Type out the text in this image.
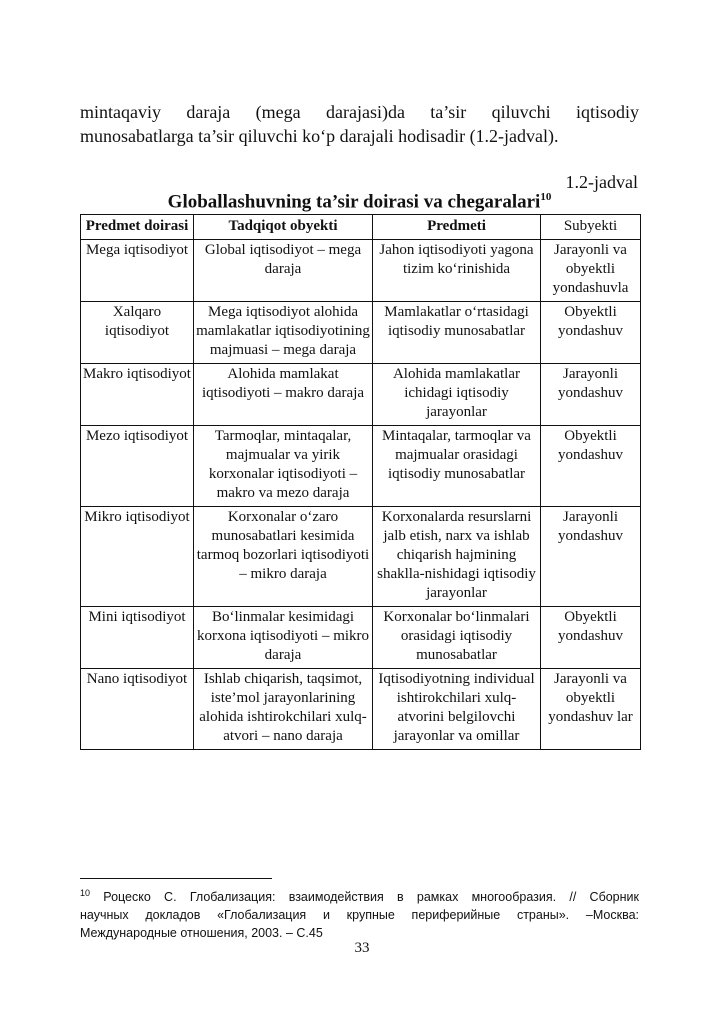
mintaqaviy daraja (mega darajasi)da ta’sir qiluvchi iqtisodiy
munosabatlarga ta’sir qiluvchi ko‘p darajali hodisadir (1.2-jadval).
1.2-jadval
Globallashuvning ta’sir doirasi va chegaralari$^{10}$
Predmet doirasi	Tadqiqot obyekti	Predmeti	Subyekti
Mega iqtisodiyot	Global iqtisodiyot – mega daraja	Jahon iqtisodiyoti yagona tizim ko‘rinishida	Jarayonli va obyektli yondashuvla
Xalqaro iqtisodiyot	Mega iqtisodiyot alohida mamlakatlar iqtisodiyotining majmuasi – mega daraja	Mamlakatlar o‘rtasidagi iqtisodiy munosabatlar	Obyektli yondashuv
Makro iqtisodiyot	Alohida mamlakat iqtisodiyoti – makro daraja	Alohida mamlakatlar ichidagi iqtisodiy jarayonlar	Jarayonli yondashuv
Mezo iqtisodiyot	Tarmoqlar, mintaqalar, majmualar va yirik korxonalar iqtisodiyoti – makro va mezo daraja	Mintaqalar, tarmoqlar va majmualar orasidagi iqtisodiy munosabatlar	Obyektli yondashuv
Mikro iqtisodiyot	Korxonalar o‘zaro munosabatlari kesimida tarmoq bozorlari iqtisodiyoti – mikro daraja	Korxonalarda resurslarni jalb etish, narx va ishlab chiqarish hajmining shaklla-nishidagi iqtisodiy jarayonlar	Jarayonli yondashuv
Mini iqtisodiyot	Bo‘linmalar kesimidagi korxona iqtisodiyoti – mikro daraja	Korxonalar bo‘linmalari orasidagi iqtisodiy munosabatlar	Obyektli yondashuv
Nano iqtisodiyot	Ishlab chiqarish, taqsimot, iste’mol jarayonlarining alohida ishtirokchilari xulq- atvori – nano daraja	Iqtisodiyotning individual ishtirokchilari xulq-atvorini belgilovchi jarayonlar va omillar	Jarayonli va obyektli yondashuv lar
$^{10}$ Роцеско С. Глобализация: взаимодействия в рамках многообразия. // Сборник
научных докладов «Глобализация и крупные периферийные страны». –Москва:
Международные отношения, 2003. – С.45
33
